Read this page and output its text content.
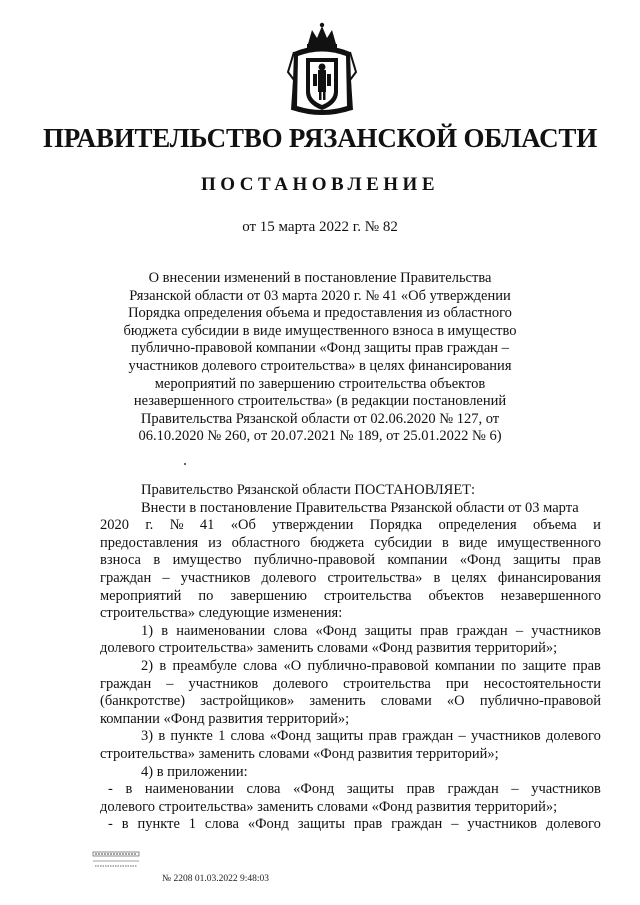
ПРАВИТЕЛЬСТВО РЯЗАНСКОЙ ОБЛАСТИ
ПОСТАНОВЛЕНИЕ
от 15 марта 2022 г. № 82
О внесении изменений в постановление Правительства
Рязанской области от 03 марта 2020 г. № 41 «Об утверждении
Порядка определения объема и предоставления из областного
бюджета субсидии в виде имущественного взноса в имущество
публично-правовой компании «Фонд защиты прав граждан –
участников долевого строительства» в целях финансирования
мероприятий по завершению строительства объектов
незавершенного строительства» (в редакции постановлений
Правительства Рязанской области от 02.06.2020 № 127, от
06.10.2020 № 260, от 20.07.2021 № 189, от 25.01.2022 № 6)
Правительство Рязанской области ПОСТАНОВЛЯЕТ:
Внести в постановление Правительства Рязанской области от 03 марта
2020 г. № 41 «Об утверждении Порядка определения объема и
предоставления из областного бюджета субсидии в виде имущественного
взноса в имущество публично-правовой компании «Фонд защиты прав
граждан – участников долевого строительства» в целях финансирования
мероприятий по завершению строительства объектов незавершенного
строительства» следующие изменения:
1) в наименовании слова «Фонд защиты прав граждан – участников
долевого строительства» заменить словами «Фонд развития территорий»;
2) в преамбуле слова «О публично-правовой компании по защите прав
граждан – участников долевого строительства при несостоятельности
(банкротстве) застройщиков» заменить словами «О публично-правовой
компании «Фонд развития территорий»;
3) в пункте 1 слова «Фонд защиты прав граждан – участников долевого
строительства» заменить словами «Фонд развития территорий»;
4) в приложении:
- в наименовании слова «Фонд защиты прав граждан – участников
долевого строительства» заменить словами «Фонд развития территорий»;
- в пункте 1 слова «Фонд защиты прав граждан – участников долевого
№ 2208 01.03.2022 9:48:03
